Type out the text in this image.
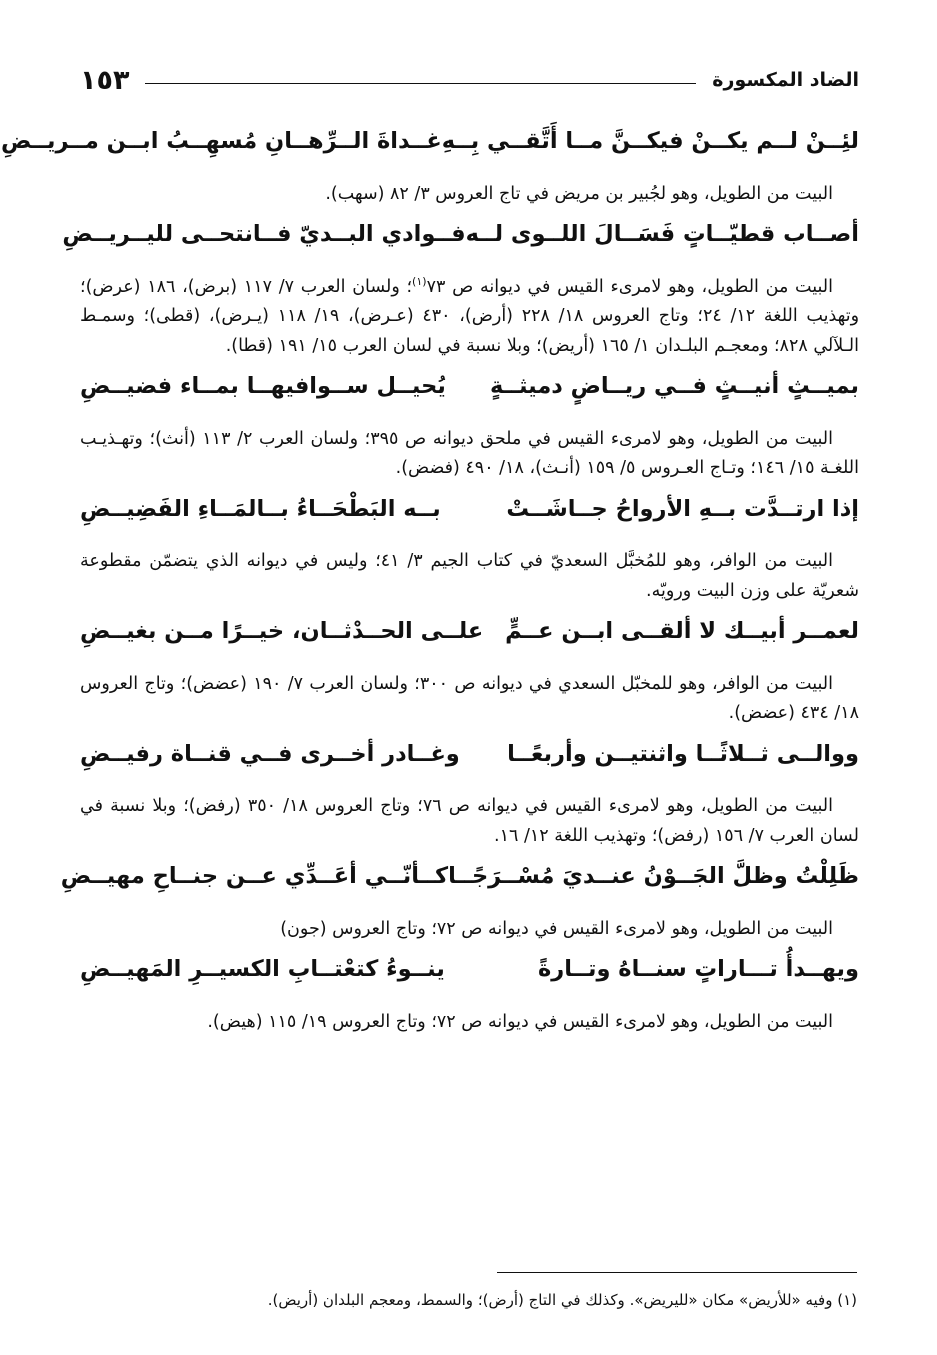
الضاد المكسورة
١٥٣
لئِــنْ لــم يكــنْ فيكــنَّ مــا أَتَّقــي بِــهِ
غــداةَ الــرِّهــانِ مُسهِــبُ ابــن مــريــضِ

البيت من الطويل، وهو لجُبير بن مريض في تاج العروس ٣/ ٨٢ (سهب).

أصــاب قطيّــاتٍ فَسَــالَ اللــوى لــه
فــوادي البــديّ فــانتحــى لليــريــضِ

البيت من الطويل، وهو لامرىء القيس في ديوانه ص ٧٣$^{(١)}$؛ ولسان العرب ٧/ ١١٧ (برض)، ١٨٦ (عرض)؛ وتهذيب اللغة ١٢/ ٢٤؛ وتاج العروس ١٨/ ٢٢٨ (أرض)، ٤٣٠ (عـرض)، ١٩/ ١١٨ (يـرض)، (قطى)؛ وسمـط الـلآلي ٨٢٨؛ ومعجـم البلـدان ١/ ١٦٥ (أريض)؛ وبلا نسبة في لسان العرب ١٥/ ١٩١ (قطا).

بميــثٍ أنيــثٍ فــي ريــاضٍ دميثــةٍ
يُحيــل ســوافيهــا بمــاء فضيــضِ

البيت من الطويل، وهو لامرىء القيس في ملحق ديوانه ص ٣٩٥؛ ولسان العرب ٢/ ١١٣ (أنث)؛ وتهـذيـب اللغـة ١٥/ ١٤٦؛ وتـاج العـروس ٥/ ١٥٩ (أنـث)، ١٨/ ٤٩٠ (فضض).

إذا ارتــدَّت بــهِ الأرواحُ جــاشَــتْ
بــه البَطْحَــاءُ بــالمَــاءِ الفَضِيــضِ

البيت من الوافر، وهو للمُخبَّل السعديّ في كتاب الجيم ٣/ ٤١؛ وليس في ديوانه الذي يتضمّن مقطوعة شعريّة على وزن البيت ورويّه.

لعمــر أبيــك لا ألقــى ابــن عــمٍّ
علــى الحــدْثــان، خيــرًا مــن بغيــضِ

البيت من الوافر، وهو للمخبّل السعدي في ديوانه ص ٣٠٠؛ ولسان العرب ٧/ ١٩٠ (عضض)؛ وتاج العروس ١٨/ ٤٣٤ (عضض).

ووالــى ثــلاثًــا واثنتيــن وأربعًــا
وغــادر أخــرى فــي قنــاة رفيــضِ

البيت من الطويل، وهو لامرىء القيس في ديوانه ص ٧٦؛ وتاج العروس ١٨/ ٣٥٠ (رفض)؛ وبلا نسبة في لسان العرب ٧/ ١٥٦ (رفض)؛ وتهذيب اللغة ١٢/ ١٦.

ظَلِلْتُ وظلَّ الجَــوْنُ عنــديَ مُسْــرَجًــا
كــأنّــي أعَــدِّي عــن جنــاحِ مهيــضِ

البيت من الطويل، وهو لامرىء القيس في ديوانه ص ٧٢؛ وتاج العروس (جون)

ويهــدأُ تـــاراتٍ سنــاهُ وتــارةً
ينــوءُ كتعْتــابِ الكسيــرِ المَهيــضِ

البيت من الطويل، وهو لامرىء القيس في ديوانه ص ٧٢؛ وتاج العروس ١٩/ ١١٥ (هيض).

(١) وفيه «للأريض» مكان «لليريض». وكذلك في التاج (أرض)؛ والسمط، ومعجم البلدان (أريض).
